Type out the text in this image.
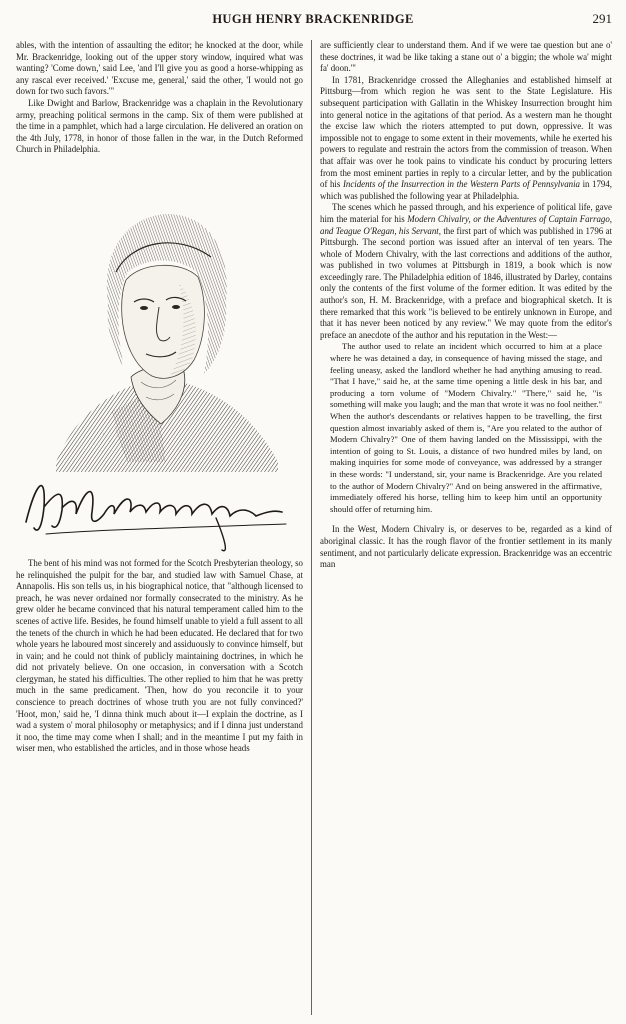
HUGH HENRY BRACKENRIDGE	291

ables, with the intention of assaulting the editor; he knocked at the door, while Mr. Brackenridge, looking out of the upper story window, inquired what was wanting? 'Come down,' said Lee, 'and I'll give you as good a horse-whipping as any rascal ever received.' 'Excuse me, general,' said the other, 'I would not go down for two such favors.'"

Like Dwight and Barlow, Brackenridge was a chaplain in the Revolutionary army, preaching political sermons in the camp. Six of them were published at the time in a pamphlet, which had a large circulation. He delivered an oration on the 4th July, 1778, in honor of those fallen in the war, in the Dutch Reformed Church in Philadelphia.

The bent of his mind was not formed for the Scotch Presbyterian theology, so he relinquished the pulpit for the bar, and studied law with Samuel Chase, at Annapolis. His son tells us, in his biographical notice, that "although licensed to preach, he was never ordained nor formally consecrated to the ministry. As he grew older he became convinced that his natural temperament called him to the scenes of active life. Besides, he found himself unable to yield a full assent to all the tenets of the church in which he had been educated. He declared that for two whole years he laboured most sincerely and assiduously to convince himself, but in vain; and he could not think of publicly maintaining doctrines, in which he did not privately believe. On one occasion, in conversation with a Scotch clergyman, he stated his difficulties. The other replied to him that he was pretty much in the same predicament. 'Then, how do you reconcile it to your conscience to preach doctrines of whose truth you are not fully convinced?' 'Hoot, mon,' said he, 'I dinna think much about it—I explain the doctrine, as I wad a system o' moral philosophy or metaphysics; and if I dinna just understand it noo, the time may come when I shall; and in the meantime I put my faith in wiser men, who established the articles, and in those whose heads

are sufficiently clear to understand them. And if we were tae question but ane o' these doctrines, it wad be like taking a stane out o' a biggin; the whole wa' might fa' doon.'"

In 1781, Brackenridge crossed the Alleghanies and established himself at Pittsburg—from which region he was sent to the State Legislature. His subsequent participation with Gallatin in the Whiskey Insurrection brought him into general notice in the agitations of that period. As a western man he thought the excise law which the rioters attempted to put down, oppressive. It was impossible not to engage to some extent in their movements, while he exerted his powers to regulate and restrain the actors from the commission of treason. When that affair was over he took pains to vindicate his conduct by procuring letters from the most eminent parties in reply to a circular letter, and by the publication of his Incidents of the Insurrection in the Western Parts of Pennsylvania in 1794, which was published the following year at Philadelphia.

The scenes which he passed through, and his experience of political life, gave him the material for his Modern Chivalry, or the Adventures of Captain Farrago, and Teague O'Regan, his Servant, the first part of which was published in 1796 at Pittsburgh. The second portion was issued after an interval of ten years. The whole of Modern Chivalry, with the last corrections and additions of the author, was published in two volumes at Pittsburgh in 1819, a book which is now exceedingly rare. The Philadelphia edition of 1846, illustrated by Darley, contains only the contents of the first volume of the former edition. It was edited by the author's son, H. M. Brackenridge, with a preface and biographical sketch. It is there remarked that this work "is believed to be entirely unknown in Europe, and that it has never been noticed by any review." We may quote from the editor's preface an anecdote of the author and his reputation in the West:—

The author used to relate an incident which occurred to him at a place where he was detained a day, in consequence of having missed the stage, and feeling uneasy, asked the landlord whether he had anything amusing to read. "That I have," said he, at the same time opening a little desk in his bar, and producing a torn volume of "Modern Chivalry." "There," said he, "is something will make you laugh; and the man that wrote it was no fool neither." When the author's descendants or relatives happen to be travelling, the first question almost invariably asked of them is, "Are you related to the author of Modern Chivalry?" One of them having landed on the Mississippi, with the intention of going to St. Louis, a distance of two hundred miles by land, on making inquiries for some mode of conveyance, was addressed by a stranger in these words: "I understand, sir, your name is Brackenridge. Are you related to the author of Modern Chivalry?" And on being answered in the affirmative, immediately offered his horse, telling him to keep him until an opportunity should offer of returning him.

In the West, Modern Chivalry is, or deserves to be, regarded as a kind of aboriginal classic. It has the rough flavor of the frontier settlement in its manly sentiment, and not particularly delicate expression. Brackenridge was an eccentric man
